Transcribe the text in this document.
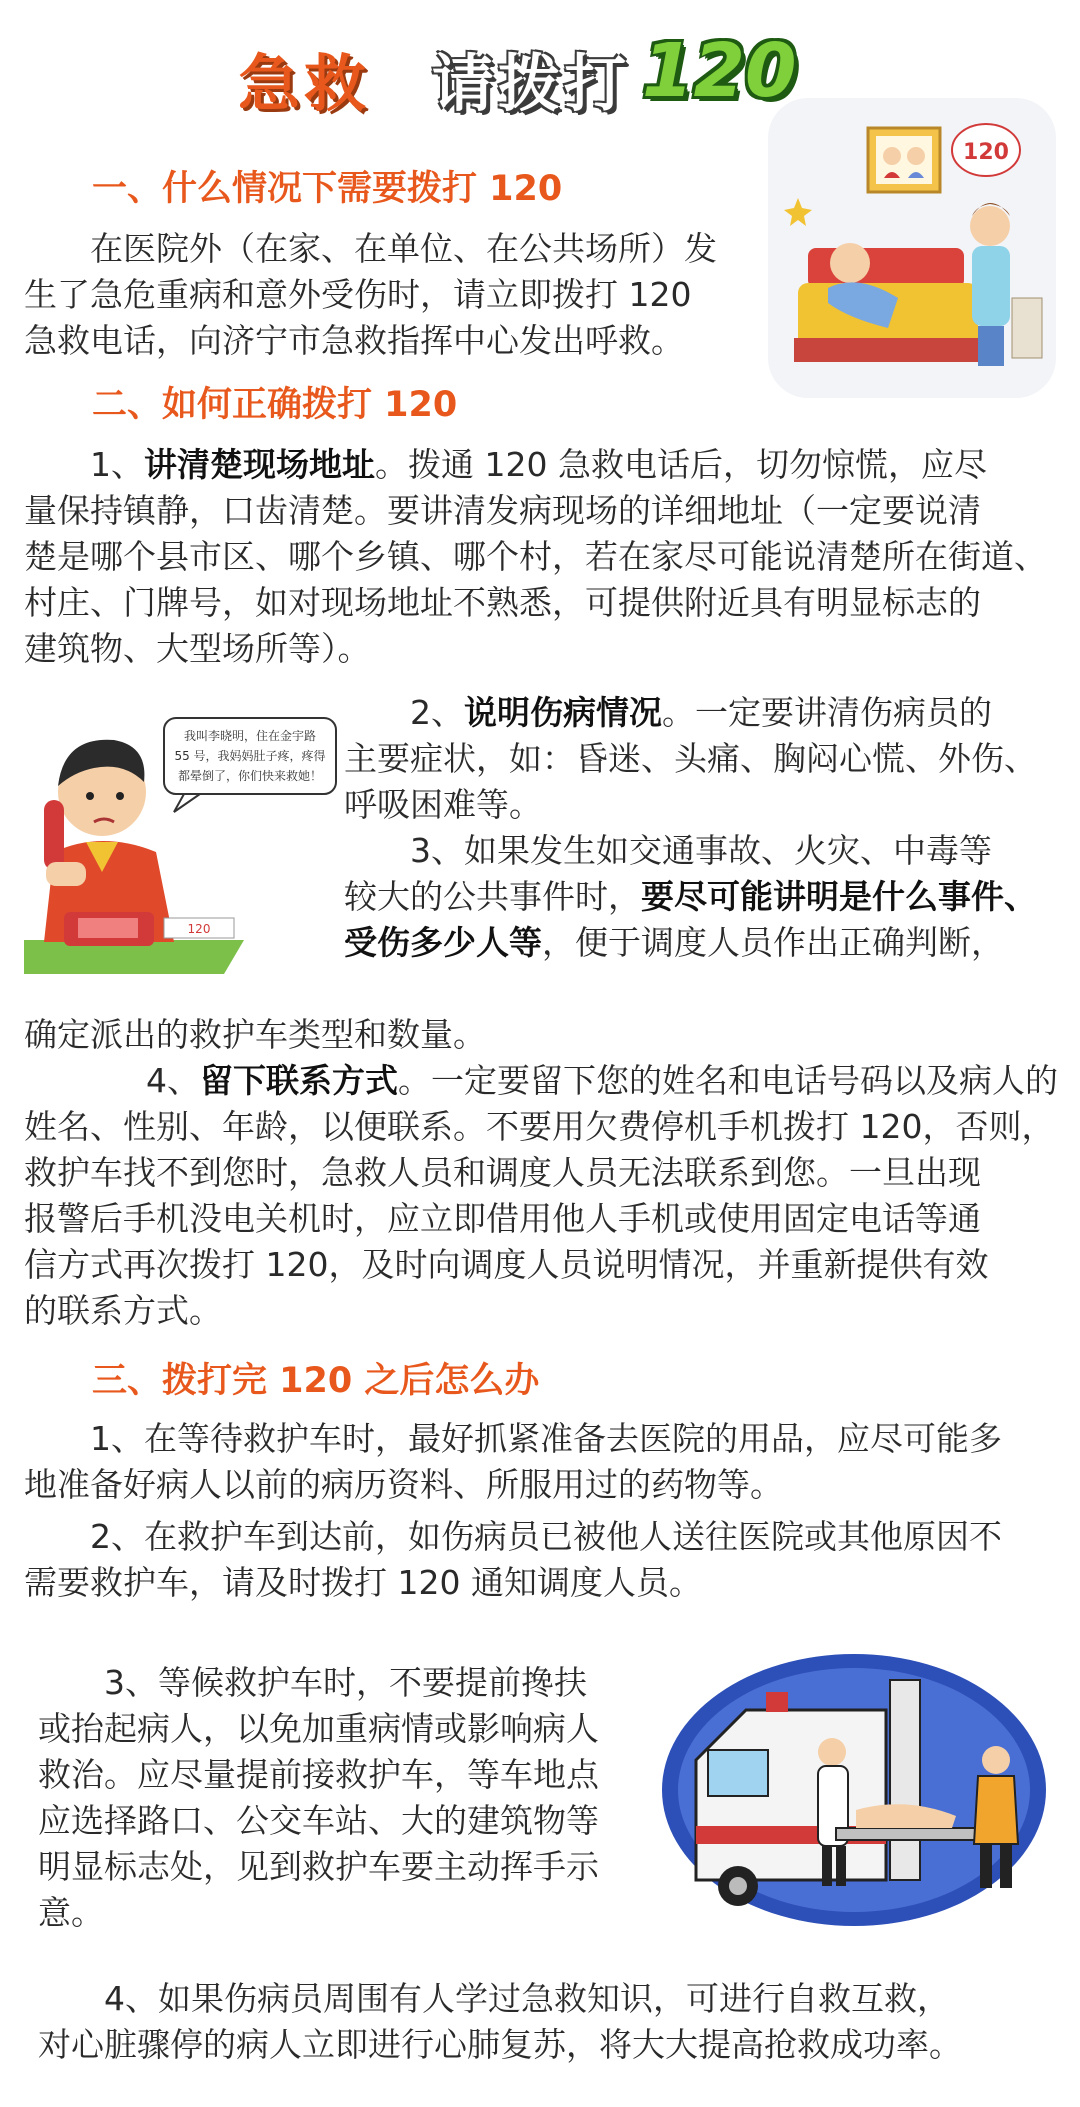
急救 请拨打 120
120
一、什么情况下需要拨打 120
在医院外（在家、在单位、在公共场所）发
生了急危重病和意外受伤时，请立即拨打 120
急救电话，向济宁市急救指挥中心发出呼救。
二、如何正确拨打 120
1、讲清楚现场地址。拨通 120 急救电话后，切勿惊慌，应尽
量保持镇静，口齿清楚。要讲清发病现场的详细地址（一定要说清
楚是哪个县市区、哪个乡镇、哪个村，若在家尽可能说清楚所在街道、
村庄、门牌号，如对现场地址不熟悉，可提供附近具有明显标志的
建筑物、大型场所等）。
我叫李晓明，住在金宇路
55 号，我妈妈肚子疼，疼得
都晕倒了，你们快来救她！
120
2、说明伤病情况。一定要讲清伤病员的
主要症状，如：昏迷、头痛、胸闷心慌、外伤、
呼吸困难等。
3、如果发生如交通事故、火灾、中毒等
较大的公共事件时，要尽可能讲明是什么事件、
受伤多少人等，便于调度人员作出正确判断，
确定派出的救护车类型和数量。
4、留下联系方式。一定要留下您的姓名和电话号码以及病人的
姓名、性别、年龄，以便联系。不要用欠费停机手机拨打 120，否则，
救护车找不到您时，急救人员和调度人员无法联系到您。一旦出现
报警后手机没电关机时，应立即借用他人手机或使用固定电话等通
信方式再次拨打 120，及时向调度人员说明情况，并重新提供有效
的联系方式。
三、拨打完 120 之后怎么办
1、在等待救护车时，最好抓紧准备去医院的用品，应尽可能多
地准备好病人以前的病历资料、所服用过的药物等。
2、在救护车到达前，如伤病员已被他人送往医院或其他原因不
需要救护车，请及时拨打 120 通知调度人员。
3、等候救护车时，不要提前搀扶
或抬起病人，以免加重病情或影响病人
救治。应尽量提前接救护车，等车地点
应选择路口、公交车站、大的建筑物等
明显标志处，见到救护车要主动挥手示
意。
4、如果伤病员周围有人学过急救知识，可进行自救互救，
对心脏骤停的病人立即进行心肺复苏，将大大提高抢救成功率。
